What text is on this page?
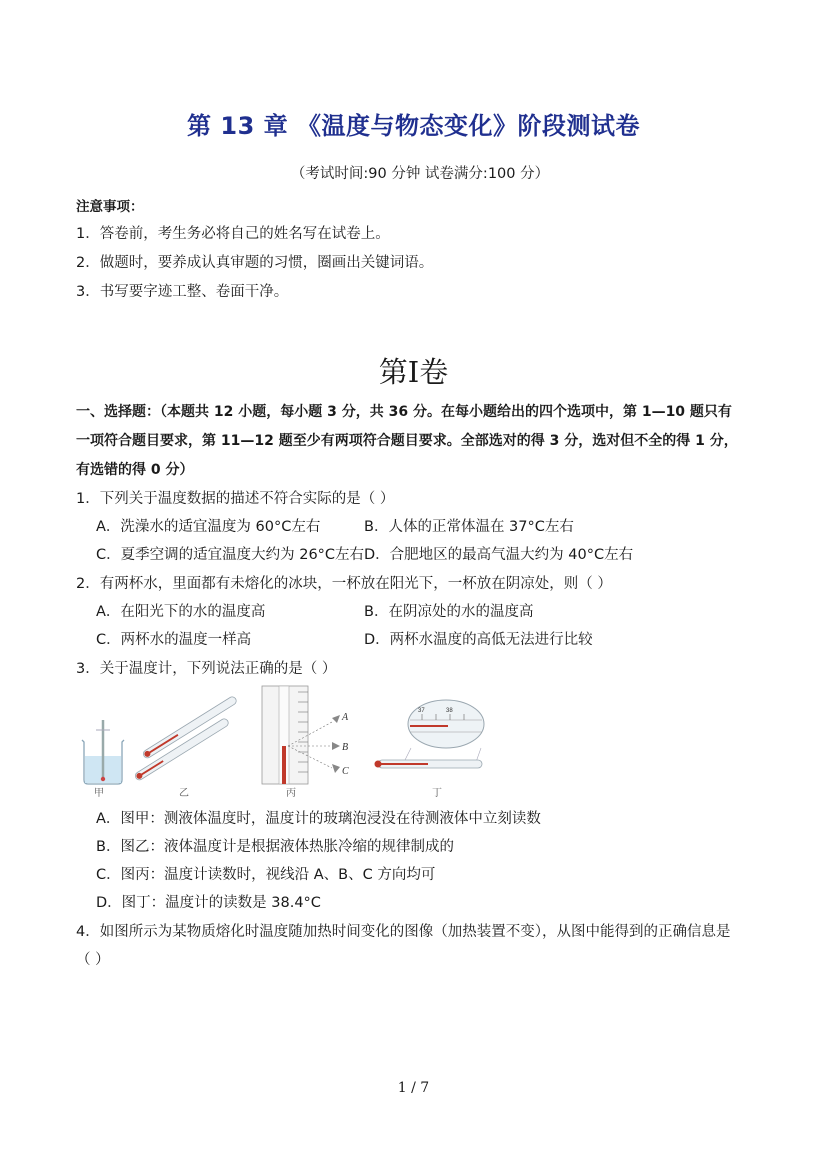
第 13 章 《温度与物态变化》阶段测试卷
（考试时间:90 分钟 试卷满分:100 分）
注意事项：
1．答卷前，考生务必将自己的姓名写在试卷上。
2．做题时，要养成认真审题的习惯，圈画出关键词语。
3．书写要字迹工整、卷面干净。
第I卷
一、选择题：（本题共 12 小题，每小题 3 分，共 36 分。在每小题给出的四个选项中，第 1—10 题只有
一项符合题目要求，第 11—12 题至少有两项符合题目要求。全部选对的得 3 分，选对但不全的得 1 分，
有选错的得 0 分）
1．下列关于温度数据的描述不符合实际的是（ ）
A．洗澡水的适宜温度为 60°C左右	B．人体的正常体温在 37°C左右
C．夏季空调的适宜温度大约为 26°C左右 D．合肥地区的最高气温大约为 40°C左右
2．有两杯水，里面都有未熔化的冰块，一杯放在阳光下，一杯放在阴凉处，则（ ）
A．在阳光下的水的温度高	B．在阴凉处的水的温度高
C．两杯水的温度一样高	D．两杯水温度的高低无法进行比较
3．关于温度计，下列说法正确的是（ ）
甲	乙
A
B
C
丙
37	38
丁
A．图甲：测液体温度时，温度计的玻璃泡浸没在待测液体中立刻读数
B．图乙：液体温度计是根据液体热胀冷缩的规律制成的
C．图丙：温度计读数时，视线沿 A、B、C 方向均可
D．图丁：温度计的读数是 38.4°C
4．如图所示为某物质熔化时温度随加热时间变化的图像（加热装置不变），从图中能得到的正确信息是
（ ）
1 / 7
